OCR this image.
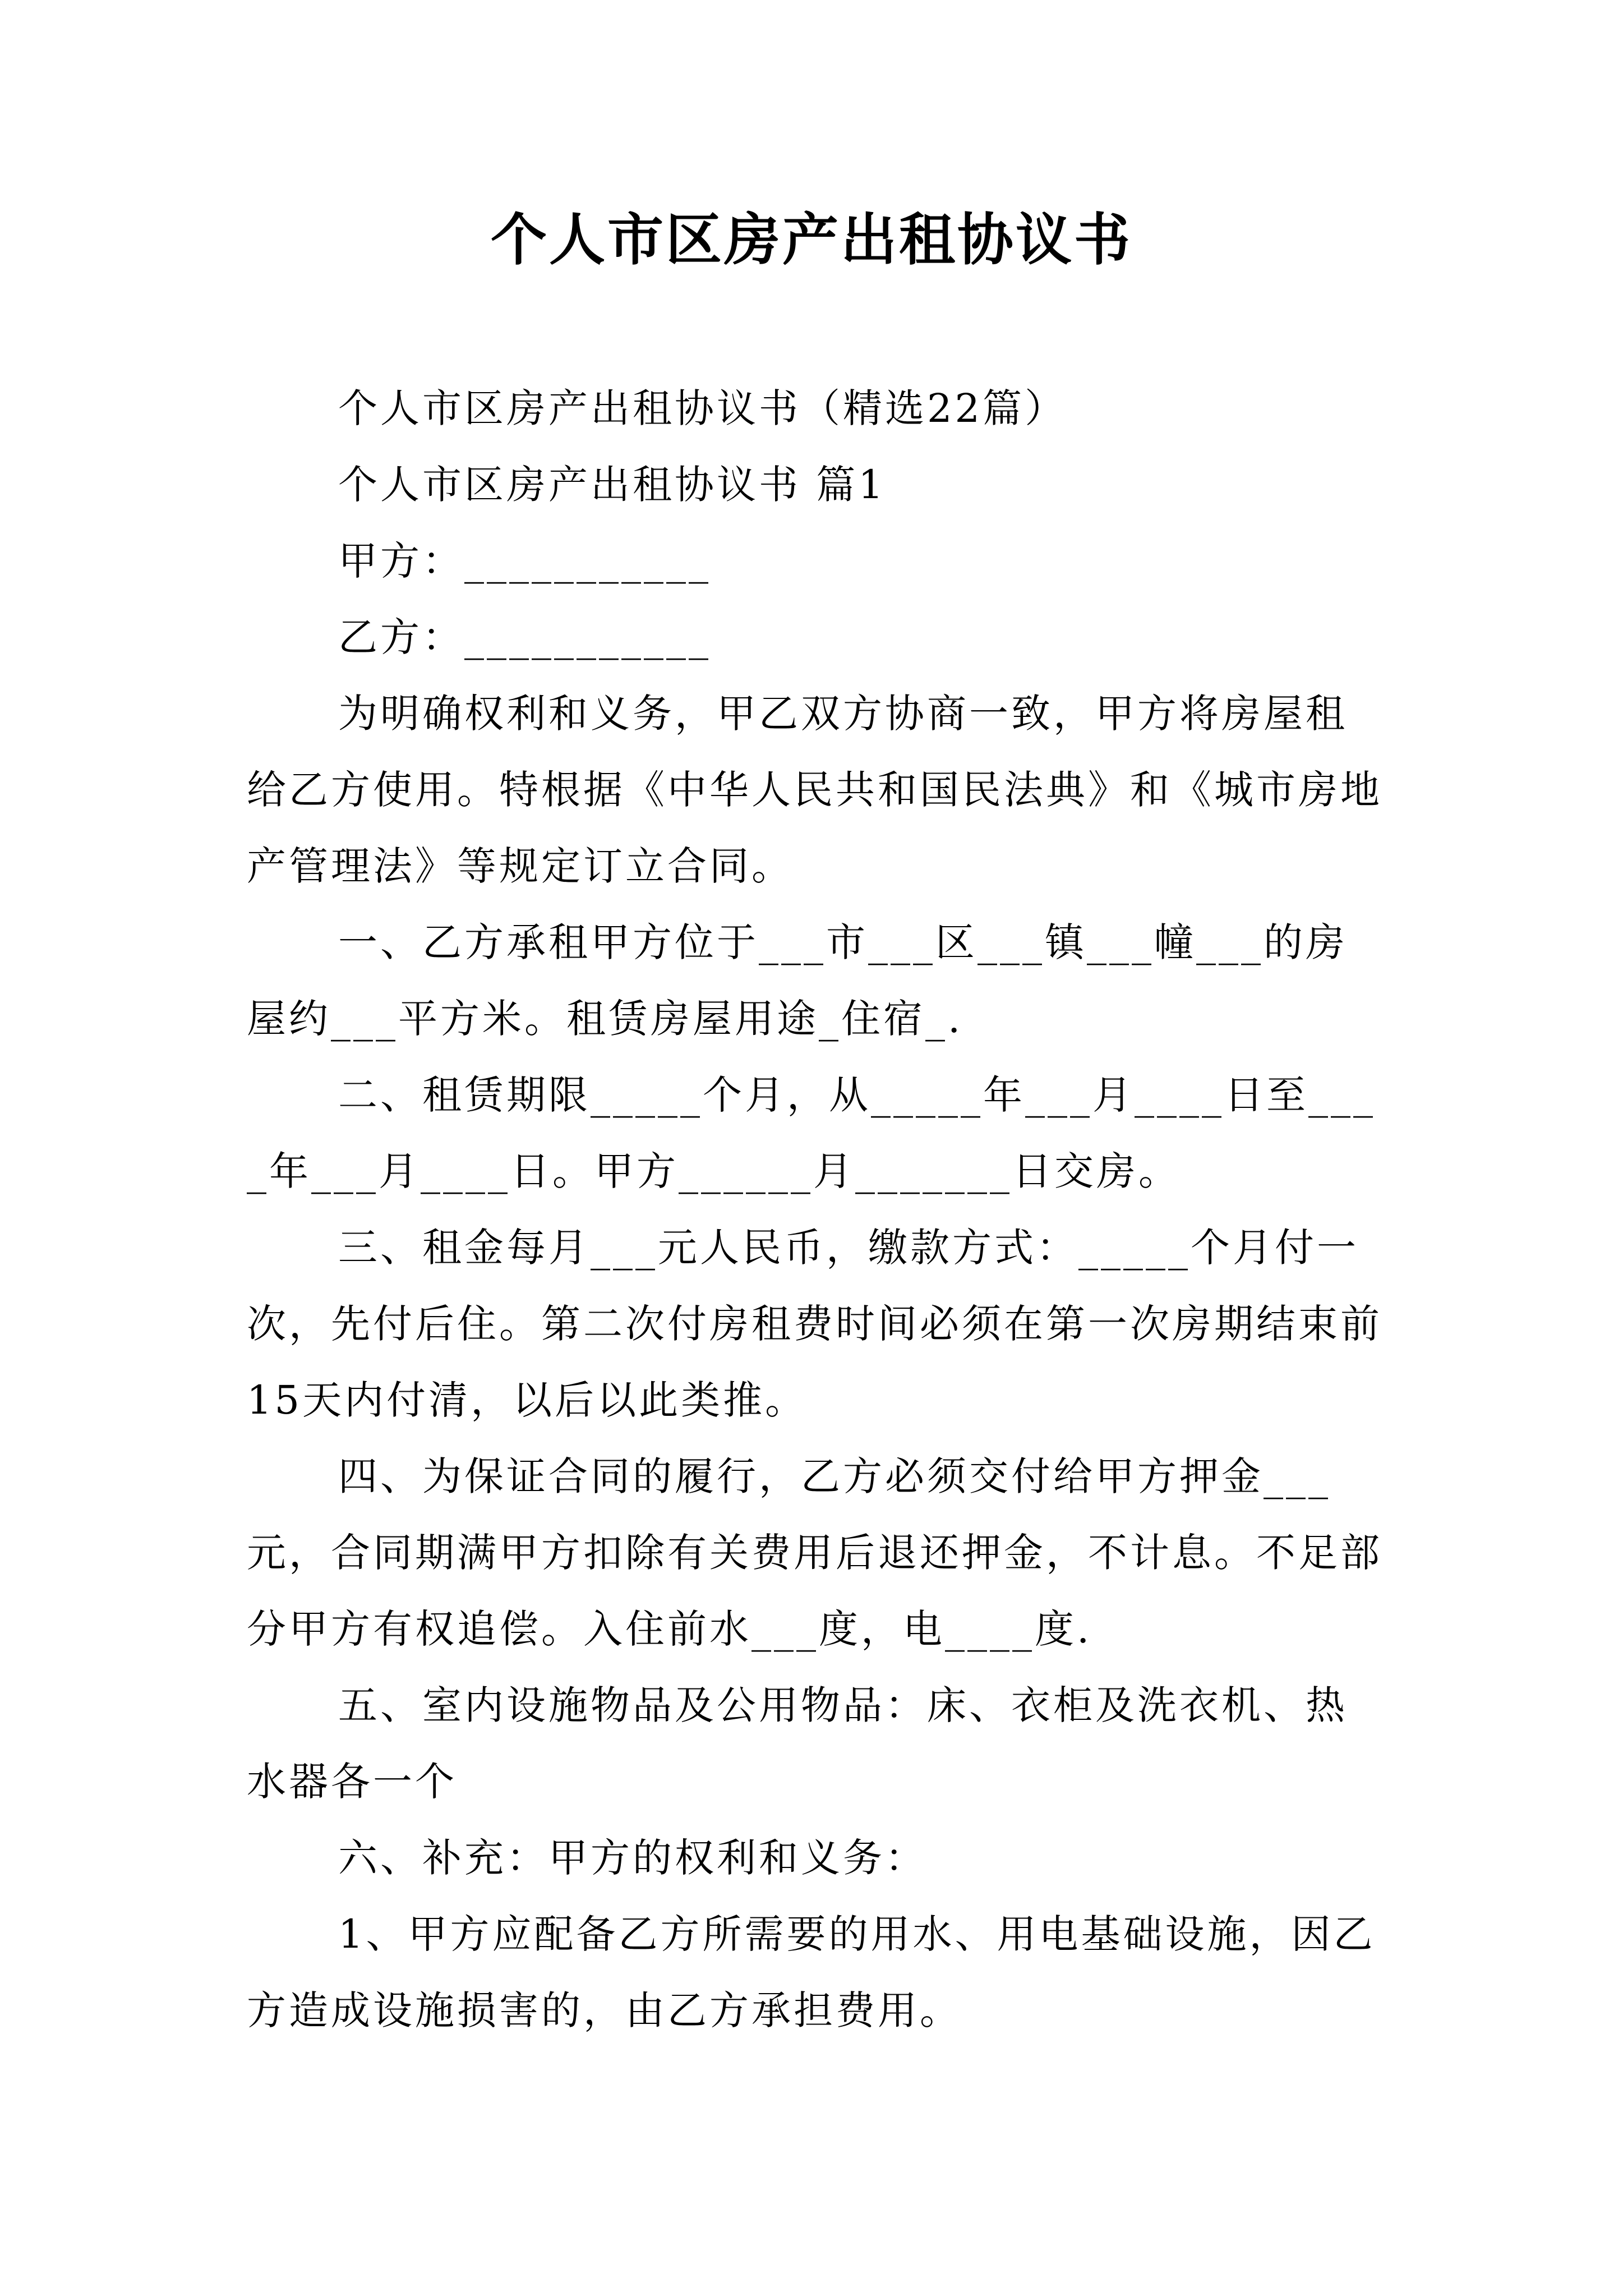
个人市区房产出租协议书

个人市区房产出租协议书（精选22篇）

个人市区房产出租协议书 篇1

甲方：___________

乙方：___________

为明确权利和义务，甲乙双方协商一致，甲方将房屋租给乙方使用。特根据《中华人民共和国民法典》和《城市房地产管理法》等规定订立合同。

一、乙方承租甲方位于___市___区___镇___幢___的房屋约___平方米。租赁房屋用途_住宿_.

二、租赁期限_____个月，从_____年___月____日至____年___月____日。甲方______月_______日交房。

三、租金每月___元人民币，缴款方式：_____个月付一次，先付后住。第二次付房租费时间必须在第一次房期结束前15天内付清，以后以此类推。

四、为保证合同的履行，乙方必须交付给甲方押金___元，合同期满甲方扣除有关费用后退还押金，不计息。不足部分甲方有权追偿。入住前水___度，电____度.

五、室内设施物品及公用物品：床、衣柜及洗衣机、热水器各一个

六、补充：甲方的权利和义务：

1、甲方应配备乙方所需要的用水、用电基础设施，因乙方造成设施损害的，由乙方承担费用。
